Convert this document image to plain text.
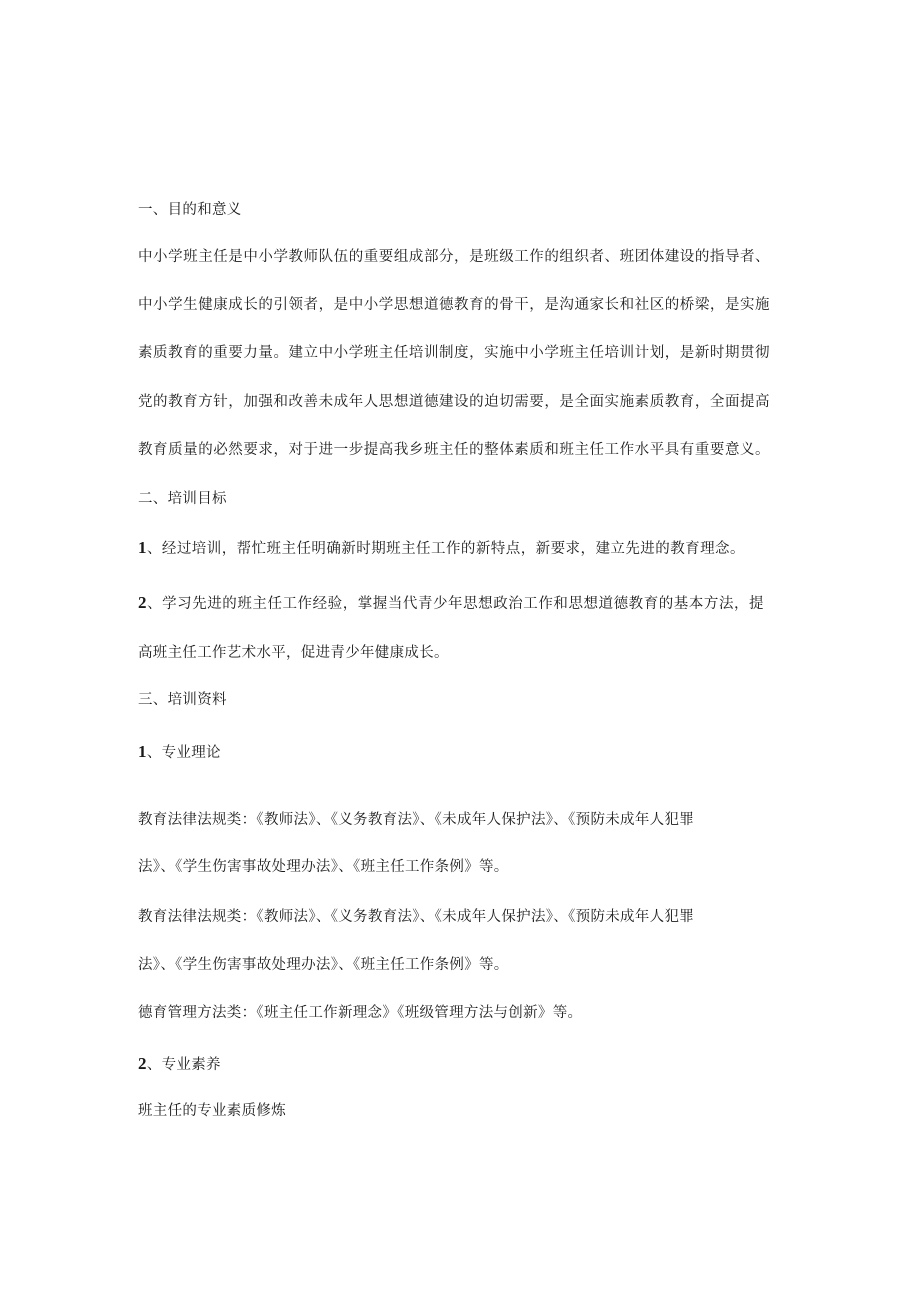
一、目的和意义
中小学班主任是中小学教师队伍的重要组成部分，是班级工作的组织者、班团体建设的指导者、
中小学生健康成长的引领者，是中小学思想道德教育的骨干，是沟通家长和社区的桥梁，是实施
素质教育的重要力量。建立中小学班主任培训制度，实施中小学班主任培训计划，是新时期贯彻
党的教育方针，加强和改善未成年人思想道德建设的迫切需要，是全面实施素质教育，全面提高
教育质量的必然要求，对于进一步提高我乡班主任的整体素质和班主任工作水平具有重要意义。
二、培训目标
1、经过培训，帮忙班主任明确新时期班主任工作的新特点，新要求，建立先进的教育理念。
2、学习先进的班主任工作经验，掌握当代青少年思想政治工作和思想道德教育的基本方法，提
高班主任工作艺术水平，促进青少年健康成长。
三、培训资料
1、专业理论
教育法律法规类：《教师法》、《义务教育法》、《未成年人保护法》、《预防未成年人犯罪
法》、《学生伤害事故处理办法》、《班主任工作条例》等。
教育法律法规类：《教师法》、《义务教育法》、《未成年人保护法》、《预防未成年人犯罪
法》、《学生伤害事故处理办法》、《班主任工作条例》等。
德育管理方法类：《班主任工作新理念》《班级管理方法与创新》等。
2、专业素养
班主任的专业素质修炼
